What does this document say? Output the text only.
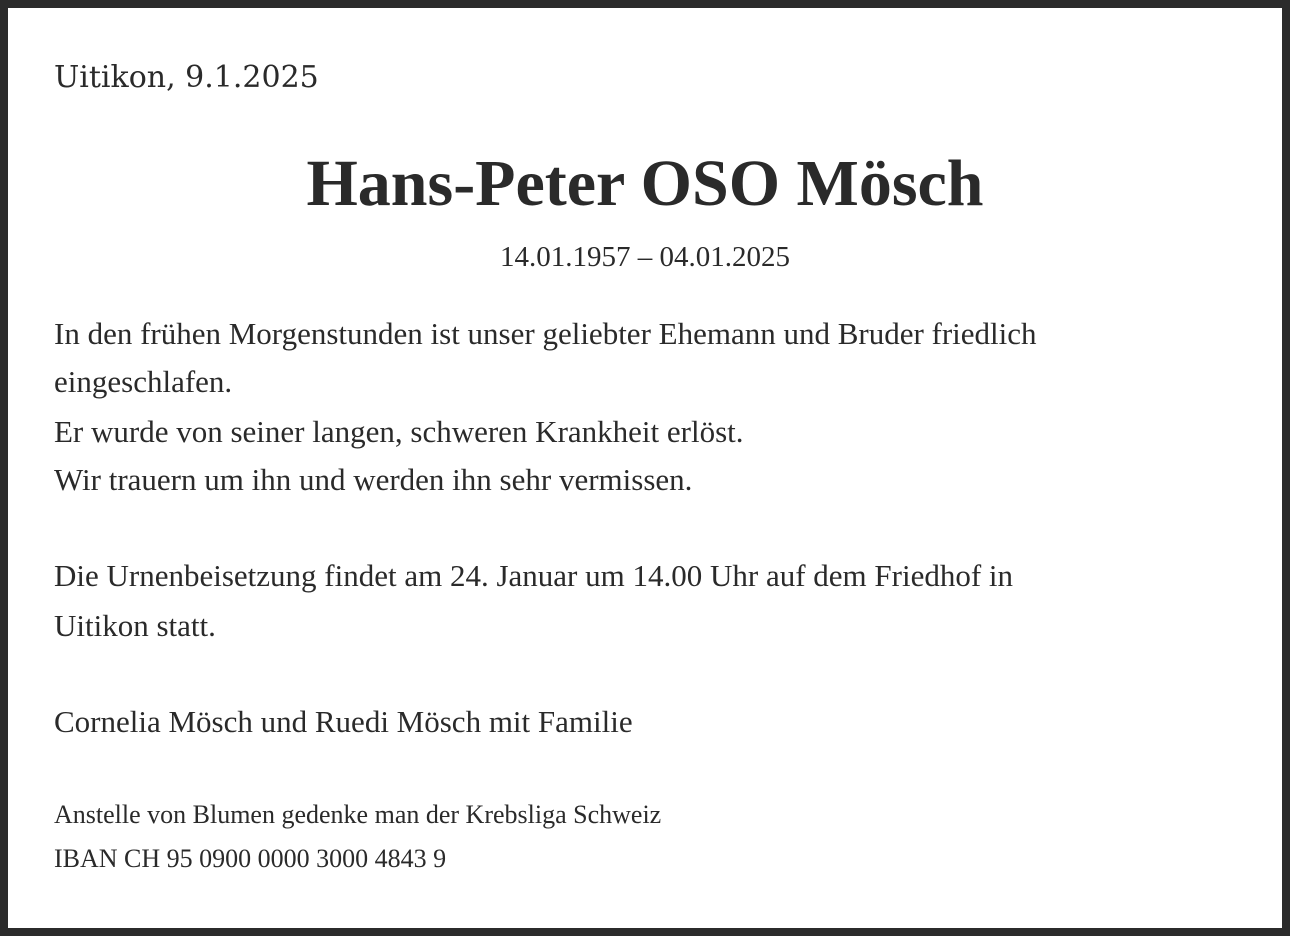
Uitikon, 9.1.2025
Hans-Peter OSO Mösch
14.01.1957 – 04.01.2025
In den frühen Morgenstunden ist unser geliebter Ehemann und Bruder friedlich
eingeschlafen.
Er wurde von seiner langen, schweren Krankheit erlöst.
Wir trauern um ihn und werden ihn sehr vermissen.
Die Urnenbeisetzung findet am 24. Januar um 14.00 Uhr auf dem Friedhof in
Uitikon statt.
Cornelia Mösch und Ruedi Mösch mit Familie
Anstelle von Blumen gedenke man der Krebsliga Schweiz
IBAN CH 95 0900 0000 3000 4843 9
